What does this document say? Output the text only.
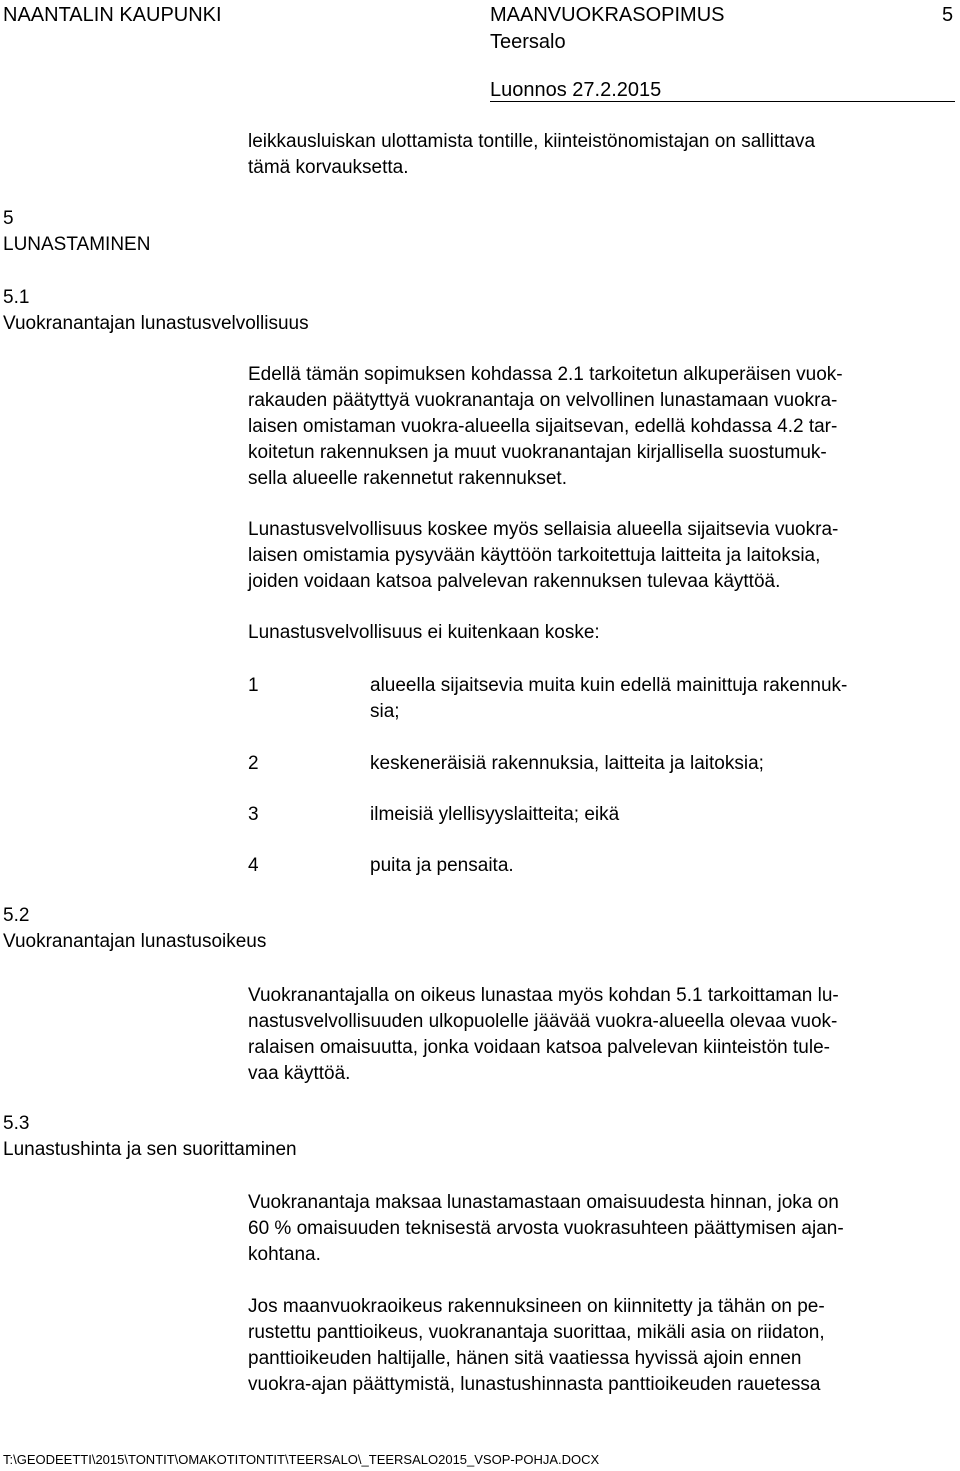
NAANTALIN KAUPUNKI	MAANVUOKRASOPIMUS	5
Teersalo
Luonnos 27.2.2015
leikkausluiskan ulottamista tontille, kiinteistönomistajan on sallittava
tämä korvauksetta.
5
LUNASTAMINEN
5.1
Vuokranantajan lunastusvelvollisuus
Edellä tämän sopimuksen kohdassa 2.1 tarkoitetun alkuperäisen vuok-
rakauden päätyttyä vuokranantaja on velvollinen lunastamaan vuokra-
laisen omistaman vuokra-alueella sijaitsevan, edellä kohdassa 4.2 tar-
koitetun rakennuksen ja muut vuokranantajan kirjallisella suostumuk-
sella alueelle rakennetut rakennukset.
Lunastusvelvollisuus koskee myös sellaisia alueella sijaitsevia vuokra-
laisen omistamia pysyvään käyttöön tarkoitettuja laitteita ja laitoksia,
joiden voidaan katsoa palvelevan rakennuksen tulevaa käyttöä.
Lunastusvelvollisuus ei kuitenkaan koske:
1	alueella sijaitsevia muita kuin edellä mainittuja rakennuk-
sia;
2	keskeneräisiä rakennuksia, laitteita ja laitoksia;
3	ilmeisiä ylellisyyslaitteita; eikä
4	puita ja pensaita.
5.2
Vuokranantajan lunastusoikeus
Vuokranantajalla on oikeus lunastaa myös kohdan 5.1 tarkoittaman lu-
nastusvelvollisuuden ulkopuolelle jäävää vuokra-alueella olevaa vuok-
ralaisen omaisuutta, jonka voidaan katsoa palvelevan kiinteistön tule-
vaa käyttöä.
5.3
Lunastushinta ja sen suorittaminen
Vuokranantaja maksaa lunastamastaan omaisuudesta hinnan, joka on
60 % omaisuuden teknisestä arvosta vuokrasuhteen päättymisen ajan-
kohtana.
Jos maanvuokraoikeus rakennuksineen on kiinnitetty ja tähän on pe-
rustettu panttioikeus, vuokranantaja suorittaa, mikäli asia on riidaton,
panttioikeuden haltijalle, hänen sitä vaatiessa hyvissä ajoin ennen
vuokra-ajan päättymistä, lunastushinnasta panttioikeuden rauetessa
T:\GEODEETTI\2015\TONTIT\OMAKOTITONTIT\TEERSALO\_TEERSALO2015_VSOP-POHJA.DOCX
